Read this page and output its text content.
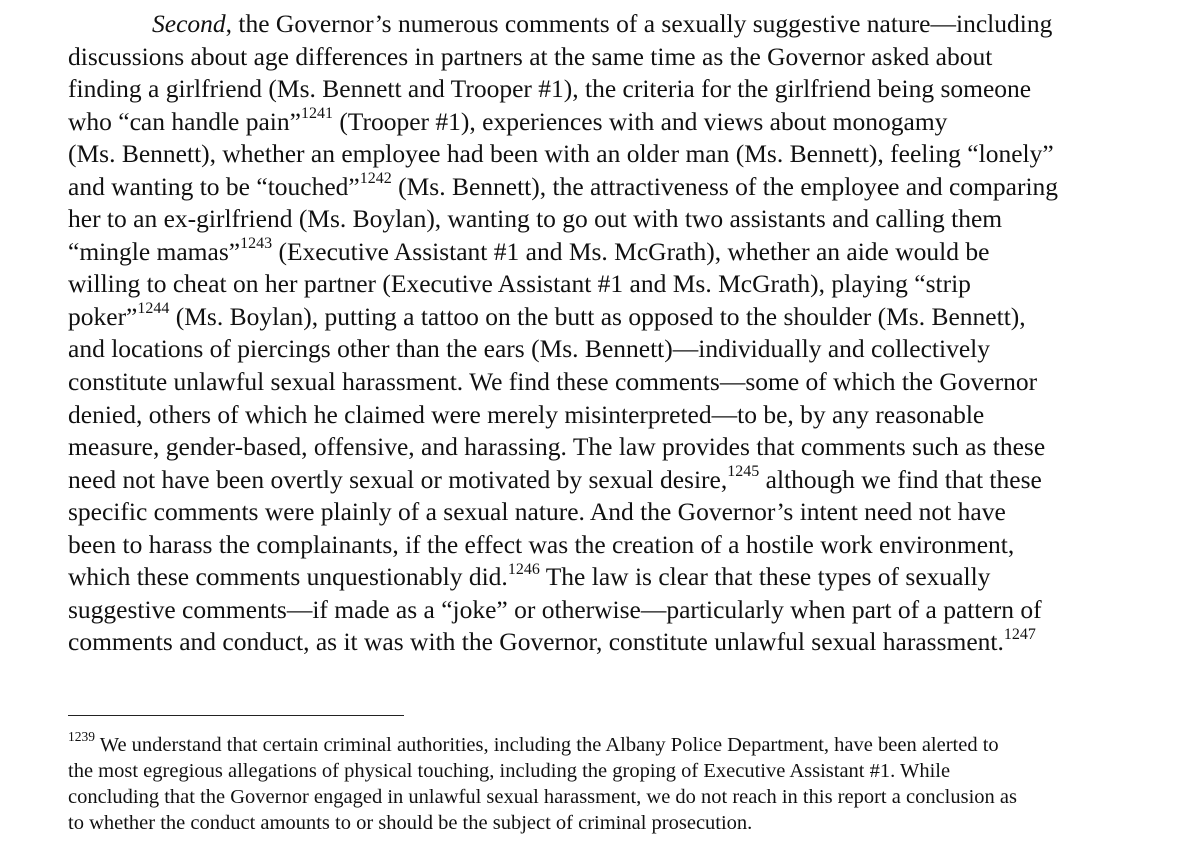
Second, the Governor’s numerous comments of a sexually suggestive nature—including
discussions about age differences in partners at the same time as the Governor asked about
finding a girlfriend (Ms. Bennett and Trooper #1), the criteria for the girlfriend being someone
who “can handle pain”$^{1241}$ (Trooper #1), experiences with and views about monogamy
(Ms. Bennett), whether an employee had been with an older man (Ms. Bennett), feeling “lonely”
and wanting to be “touched”$^{1242}$ (Ms. Bennett), the attractiveness of the employee and comparing
her to an ex-girlfriend (Ms. Boylan), wanting to go out with two assistants and calling them
“mingle mamas”$^{1243}$ (Executive Assistant #1 and Ms. McGrath), whether an aide would be
willing to cheat on her partner (Executive Assistant #1 and Ms. McGrath), playing “strip
poker”$^{1244}$ (Ms. Boylan), putting a tattoo on the butt as opposed to the shoulder (Ms. Bennett),
and locations of piercings other than the ears (Ms. Bennett)—individually and collectively
constitute unlawful sexual harassment. We find these comments—some of which the Governor
denied, others of which he claimed were merely misinterpreted—to be, by any reasonable
measure, gender-based, offensive, and harassing. The law provides that comments such as these
need not have been overtly sexual or motivated by sexual desire,$^{1245}$ although we find that these
specific comments were plainly of a sexual nature. And the Governor’s intent need not have
been to harass the complainants, if the effect was the creation of a hostile work environment,
which these comments unquestionably did.$^{1246}$ The law is clear that these types of sexually
suggestive comments—if made as a “joke” or otherwise—particularly when part of a pattern of
comments and conduct, as it was with the Governor, constitute unlawful sexual harassment.$^{1247}$
$^{1239}$ We understand that certain criminal authorities, including the Albany Police Department, have been alerted to
the most egregious allegations of physical touching, including the groping of Executive Assistant #1. While
concluding that the Governor engaged in unlawful sexual harassment, we do not reach in this report a conclusion as
to whether the conduct amounts to or should be the subject of criminal prosecution.
